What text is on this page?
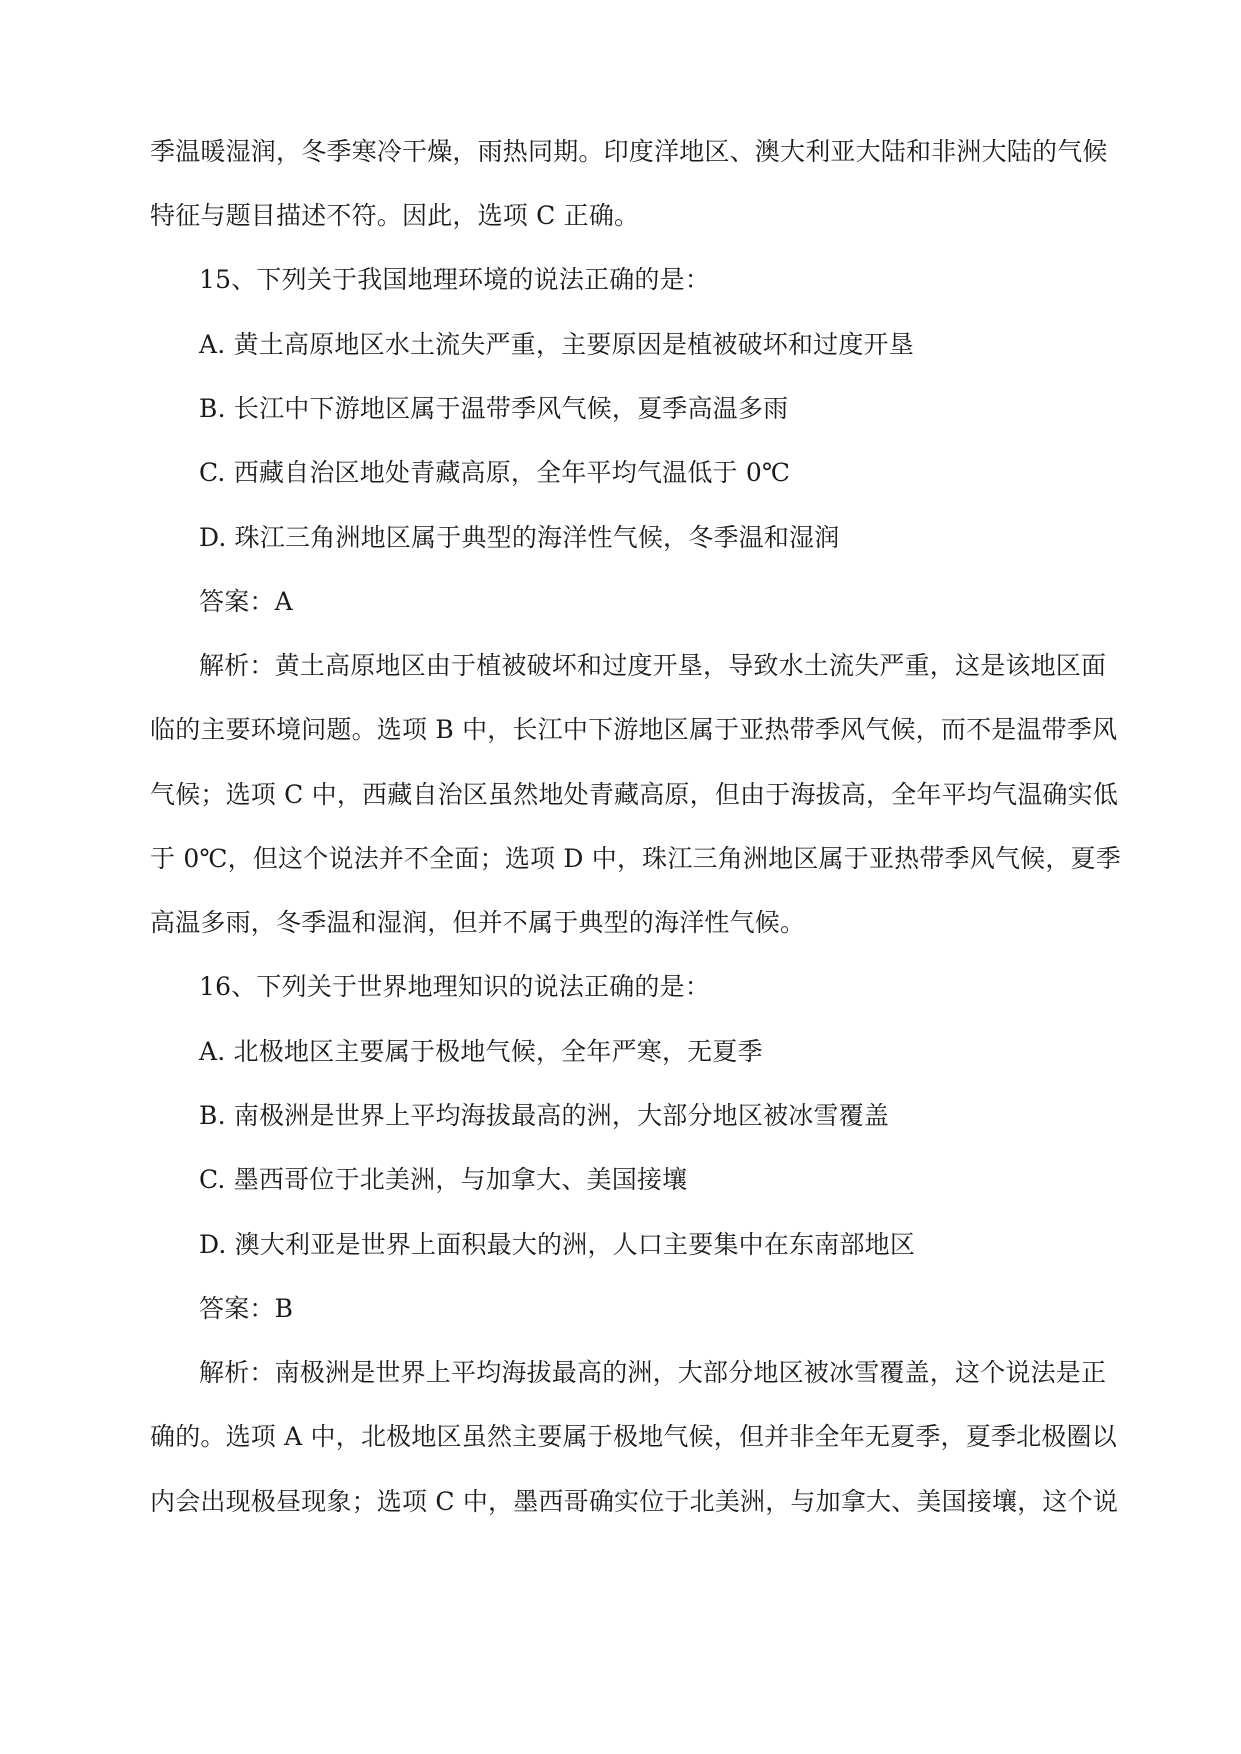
季温暖湿润，冬季寒冷干燥，雨热同期。印度洋地区、澳大利亚大陆和非洲大陆的气候
特征与题目描述不符。因此，选项 C 正确。
15、下列关于我国地理环境的说法正确的是：
A. 黄土高原地区水土流失严重，主要原因是植被破坏和过度开垦
B. 长江中下游地区属于温带季风气候，夏季高温多雨
C. 西藏自治区地处青藏高原，全年平均气温低于 0℃
D. 珠江三角洲地区属于典型的海洋性气候，冬季温和湿润
答案：A
解析：黄土高原地区由于植被破坏和过度开垦，导致水土流失严重，这是该地区面
临的主要环境问题。选项 B 中，长江中下游地区属于亚热带季风气候，而不是温带季风
气候；选项 C 中，西藏自治区虽然地处青藏高原，但由于海拔高，全年平均气温确实低
于 0℃，但这个说法并不全面；选项 D 中，珠江三角洲地区属于亚热带季风气候，夏季
高温多雨，冬季温和湿润，但并不属于典型的海洋性气候。
16、下列关于世界地理知识的说法正确的是：
A. 北极地区主要属于极地气候，全年严寒，无夏季
B. 南极洲是世界上平均海拔最高的洲，大部分地区被冰雪覆盖
C. 墨西哥位于北美洲，与加拿大、美国接壤
D. 澳大利亚是世界上面积最大的洲，人口主要集中在东南部地区
答案：B
解析：南极洲是世界上平均海拔最高的洲，大部分地区被冰雪覆盖，这个说法是正
确的。选项 A 中，北极地区虽然主要属于极地气候，但并非全年无夏季，夏季北极圈以
内会出现极昼现象；选项 C 中，墨西哥确实位于北美洲，与加拿大、美国接壤，这个说
